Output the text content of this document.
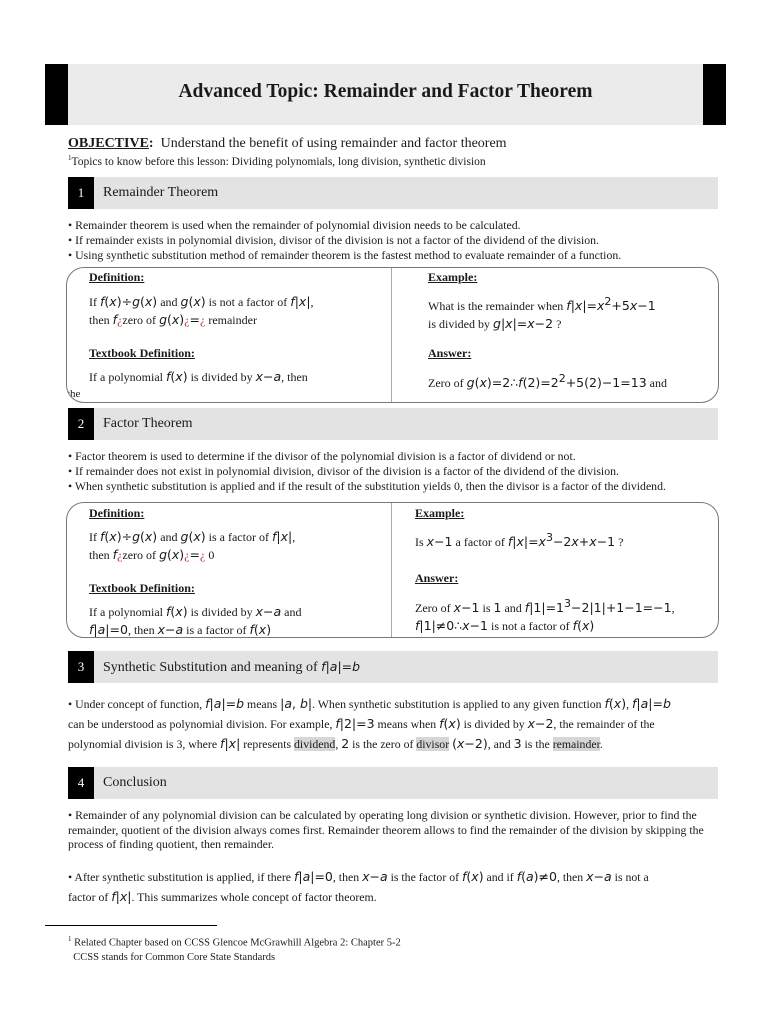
Advanced Topic: Remainder and Factor Theorem
OBJECTIVE: Understand the benefit of using remainder and factor theorem
$^1$Topics to know before this lesson: Dividing polynomials, long division, synthetic division
1	Remainder Theorem
• Remainder theorem is used when the remainder of polynomial division needs to be calculated.
• If remainder exists in polynomial division, divisor of the division is not a factor of the dividend of the division.
• Using synthetic substitution method of remainder theorem is the fastest method to evaluate remainder of a function.
Definition:
If f(x)÷g(x) and g(x) is not a factor of f|x|,
then f¿zero of g(x)¿=¿ remainder
Textbook Definition:
If a polynomial f(x) is divided by x−a, then
the
Example:
What is the remainder when $f|x|=x^2+5x-1$
is divided by g|x|=x−2 ?
Answer:
Zero of $g(x)=2\therefore f(2)=2^2+5(2)-1=13$ and
2	Factor Theorem
• Factor theorem is used to determine if the divisor of the polynomial division is a factor of dividend or not.
• If remainder does not exist in polynomial division, divisor of the division is a factor of the dividend of the division.
• When synthetic substitution is applied and if the result of the substitution yields 0, then the divisor is a factor of the dividend.
Definition:
If f(x)÷g(x) and g(x) is a factor of f|x|,
then f¿zero of g(x)¿=¿ 0
Textbook Definition:
If a polynomial f(x) is divided by x−a and
f|a|=0, then x−a is a factor of f(x)
Example:
Is x−1 a factor of $f|x|=x^3-2x+x-1$ ?
Answer:
Zero of x−1 is 1 and $f|1|=1^3-2|1|+1-1=-1$,
f|1|≠0∴x−1 is not a factor of f(x)
3	Synthetic Substitution and meaning of f|a|=b
• Under concept of function, f|a|=b means |a, b|. When synthetic substitution is applied to any given function f(x), f|a|=b
can be understood as polynomial division. For example, f|2|=3 means when f(x) is divided by x−2, the remainder of the
polynomial division is 3, where f|x| represents dividend, 2 is the zero of divisor (x−2), and 3 is the remainder.
4	Conclusion
• Remainder of any polynomial division can be calculated by operating long division or synthetic division. However, prior to find the remainder, quotient of the division always comes first. Remainder theorem allows to find the remainder of the division by skipping the process of finding quotient, then remainder.
• After synthetic substitution is applied, if there f|a|=0, then x−a is the factor of f(x) and if f(a)≠0, then x−a is not a
factor of f|x|. This summarizes whole concept of factor theorem.
$^1$ Related Chapter based on CCSS Glencoe McGrawhill Algebra 2: Chapter 5-2
CCSS stands for Common Core State Standards
